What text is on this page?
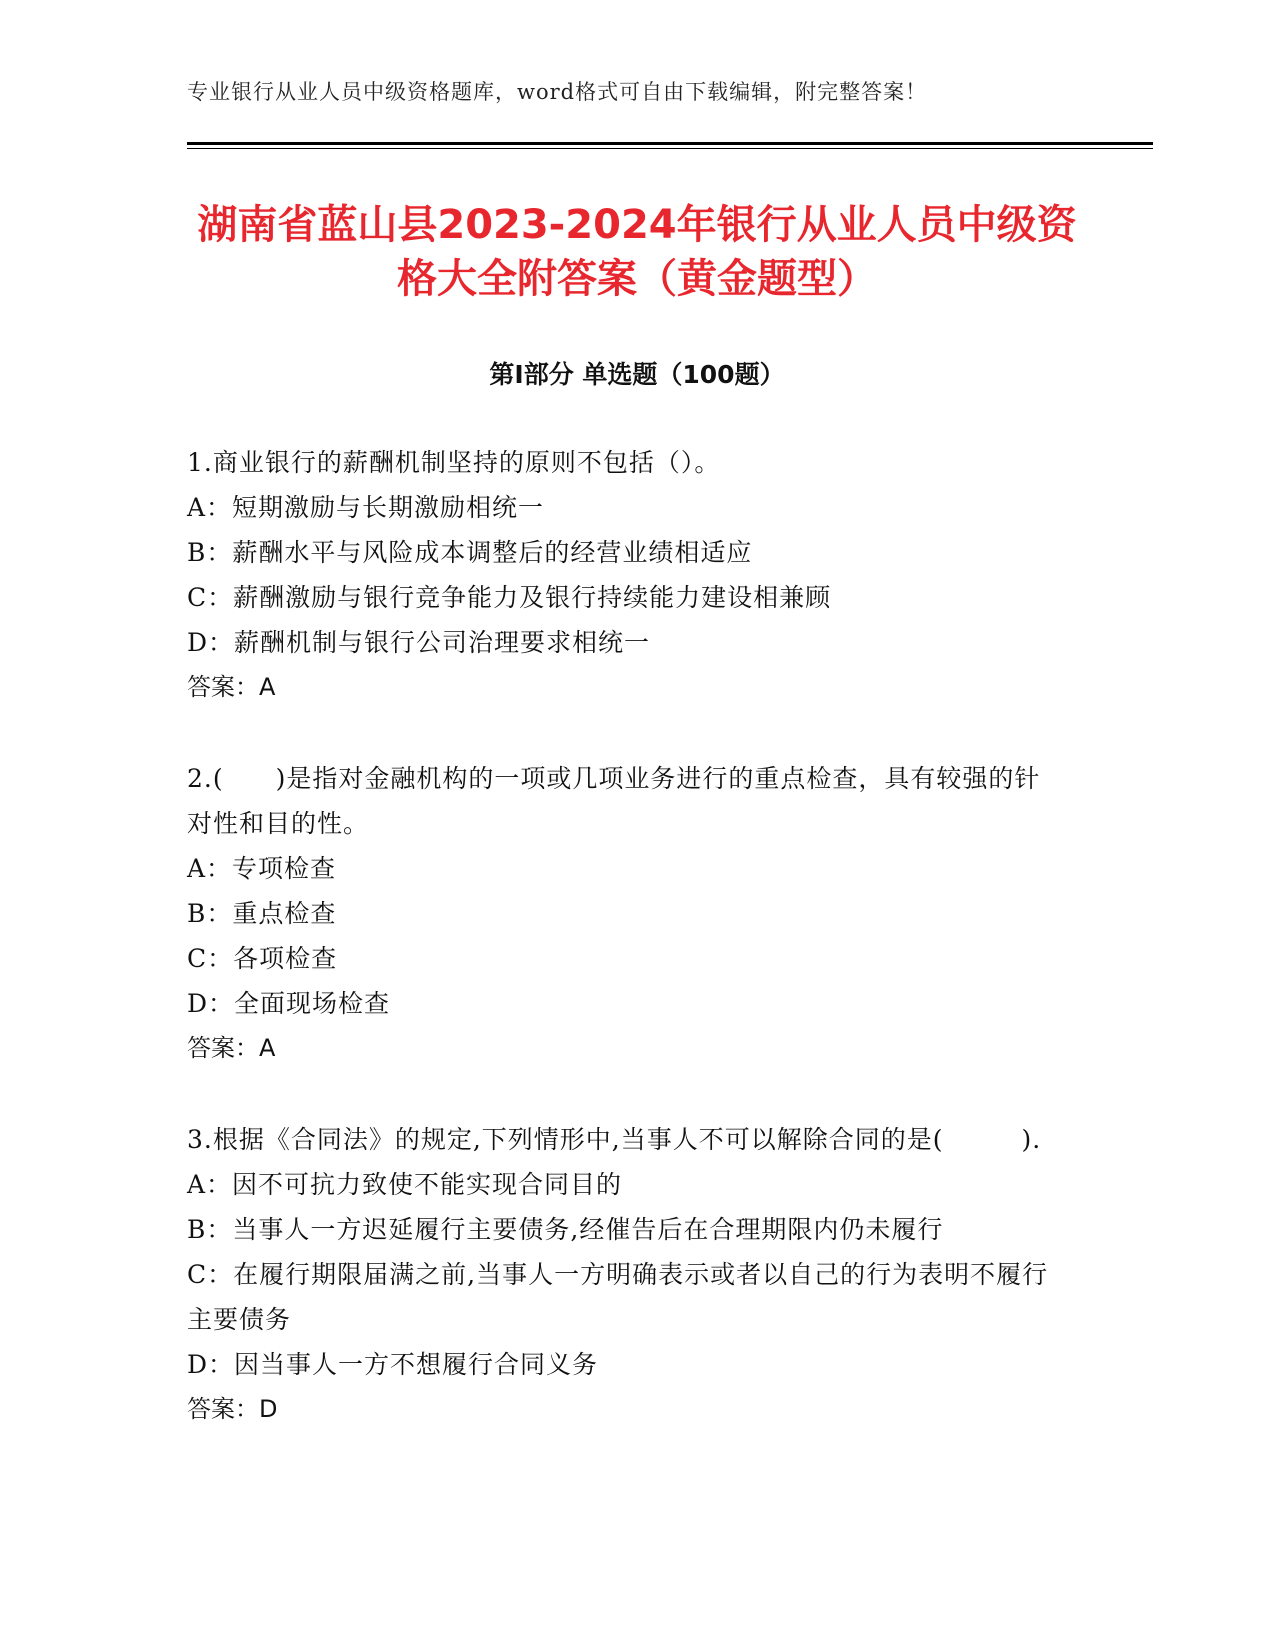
专业银行从业人员中级资格题库，word格式可自由下载编辑，附完整答案！
湖南省蓝山县2023-2024年银行从业人员中级资格大全附答案（黄金题型）
第Ⅰ部分 单选题（100题）
1.商业银行的薪酬机制坚持的原则不包括（）。
A：短期激励与长期激励相统一
B：薪酬水平与风险成本调整后的经营业绩相适应
C：薪酬激励与银行竞争能力及银行持续能力建设相兼顾
D：薪酬机制与银行公司治理要求相统一
答案：A
2.(　　)是指对金融机构的一项或几项业务进行的重点检查，具有较强的针对性和目的性。
A：专项检查
B：重点检查
C：各项检查
D：全面现场检查
答案：A
3.根据《合同法》的规定,下列情形中,当事人不可以解除合同的是(　　　).
A：因不可抗力致使不能实现合同目的
B：当事人一方迟延履行主要债务,经催告后在合理期限内仍未履行
C：在履行期限届满之前,当事人一方明确表示或者以自己的行为表明不履行主要债务
D：因当事人一方不想履行合同义务
答案：D
